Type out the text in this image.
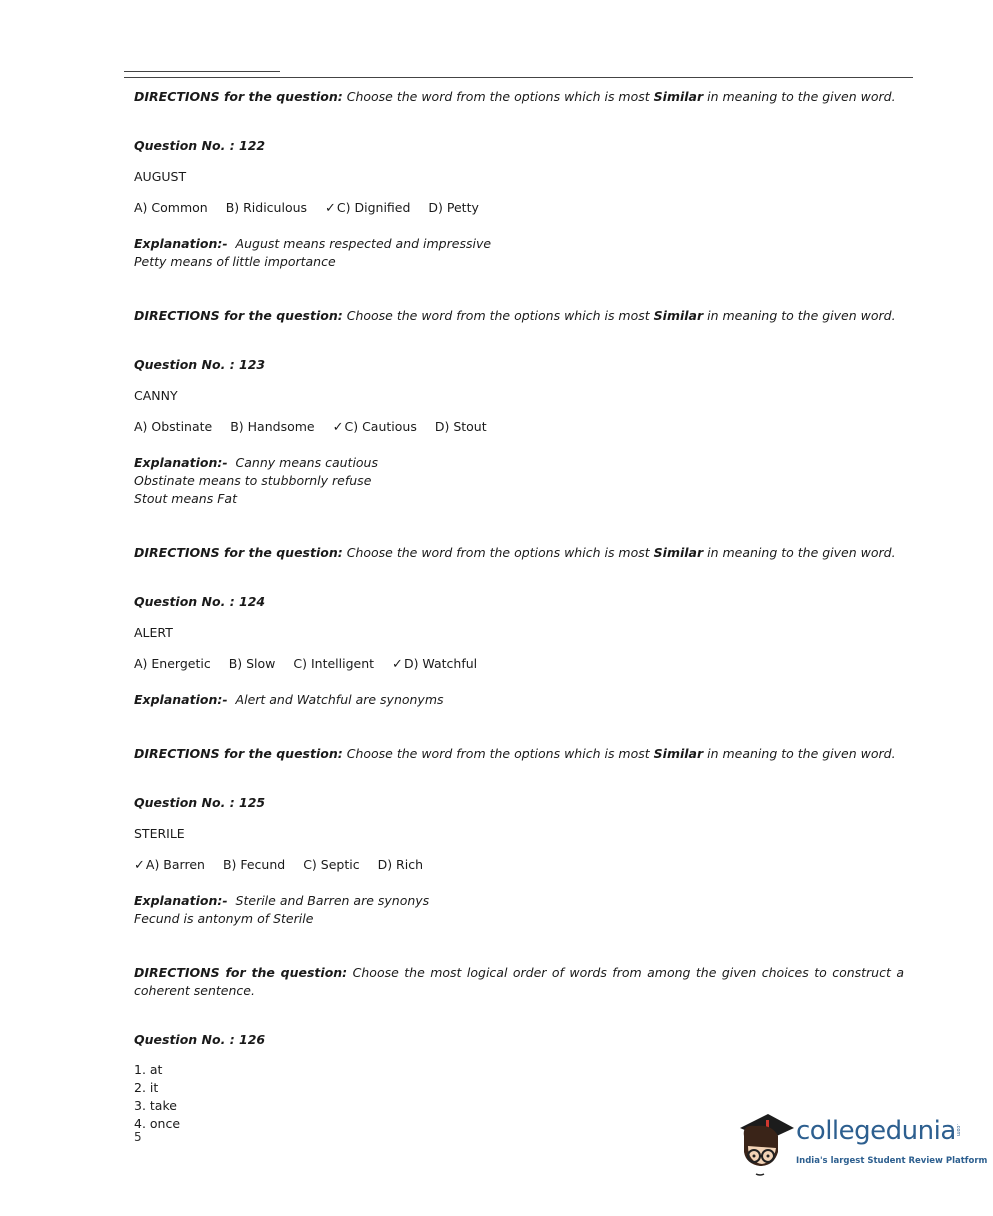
DIRECTIONS for the question: Choose the word from the options which is most Similar in meaning to the given word.
Question No. : 122
AUGUST
A) Common B) Ridiculous ✓C) Dignified D) Petty
Explanation:- August means respected and impressive
Petty means of little importance
DIRECTIONS for the question: Choose the word from the options which is most Similar in meaning to the given word.
Question No. : 123
CANNY
A) Obstinate B) Handsome ✓C) Cautious D) Stout
Explanation:- Canny means cautious
Obstinate means to stubbornly refuse
Stout means Fat
DIRECTIONS for the question: Choose the word from the options which is most Similar in meaning to the given word.
Question No. : 124
ALERT
A) Energetic B) Slow C) Intelligent ✓D) Watchful
Explanation:- Alert and Watchful are synonyms
DIRECTIONS for the question: Choose the word from the options which is most Similar in meaning to the given word.
Question No. : 125
STERILE
✓A) Barren B) Fecund C) Septic D) Rich
Explanation:- Sterile and Barren are synonys
Fecund is antonym of Sterile
DIRECTIONS for the question: Choose the most logical order of words from among the given choices to construct a coherent sentence.
Question No. : 126
1. at
2. it
3. take
4. once
5	collegedunia .com
India's largest Student Review Platform
